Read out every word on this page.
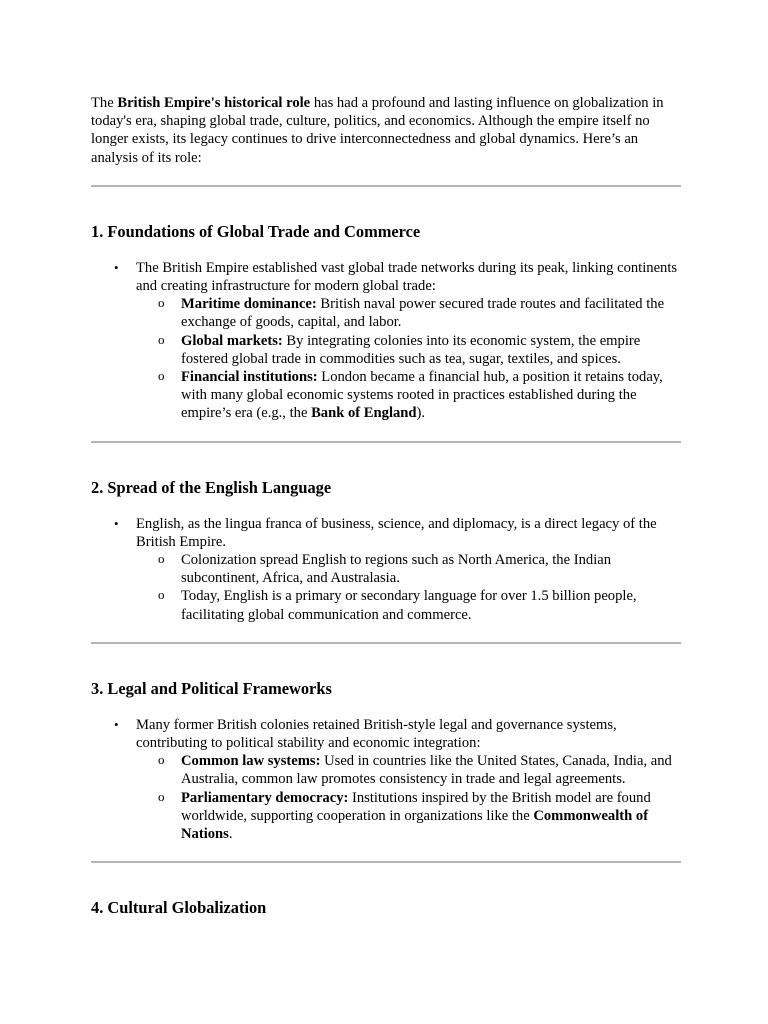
The British Empire's historical role has had a profound and lasting influence on globalization in today's era, shaping global trade, culture, politics, and economics. Although the empire itself no longer exists, its legacy continues to drive interconnectedness and global dynamics. Here’s an analysis of its role:

1. Foundations of Global Trade and Commerce
• The British Empire established vast global trade networks during its peak, linking continents and creating infrastructure for modern global trade:
o Maritime dominance: British naval power secured trade routes and facilitated the exchange of goods, capital, and labor.
o Global markets: By integrating colonies into its economic system, the empire fostered global trade in commodities such as tea, sugar, textiles, and spices.
o Financial institutions: London became a financial hub, a position it retains today, with many global economic systems rooted in practices established during the empire’s era (e.g., the Bank of England).
2. Spread of the English Language
• English, as the lingua franca of business, science, and diplomacy, is a direct legacy of the British Empire.
o Colonization spread English to regions such as North America, the Indian subcontinent, Africa, and Australasia.
o Today, English is a primary or secondary language for over 1.5 billion people, facilitating global communication and commerce.
3. Legal and Political Frameworks
• Many former British colonies retained British-style legal and governance systems, contributing to political stability and economic integration:
o Common law systems: Used in countries like the United States, Canada, India, and Australia, common law promotes consistency in trade and legal agreements.
o Parliamentary democracy: Institutions inspired by the British model are found worldwide, supporting cooperation in organizations like the Commonwealth of Nations.
4. Cultural Globalization
